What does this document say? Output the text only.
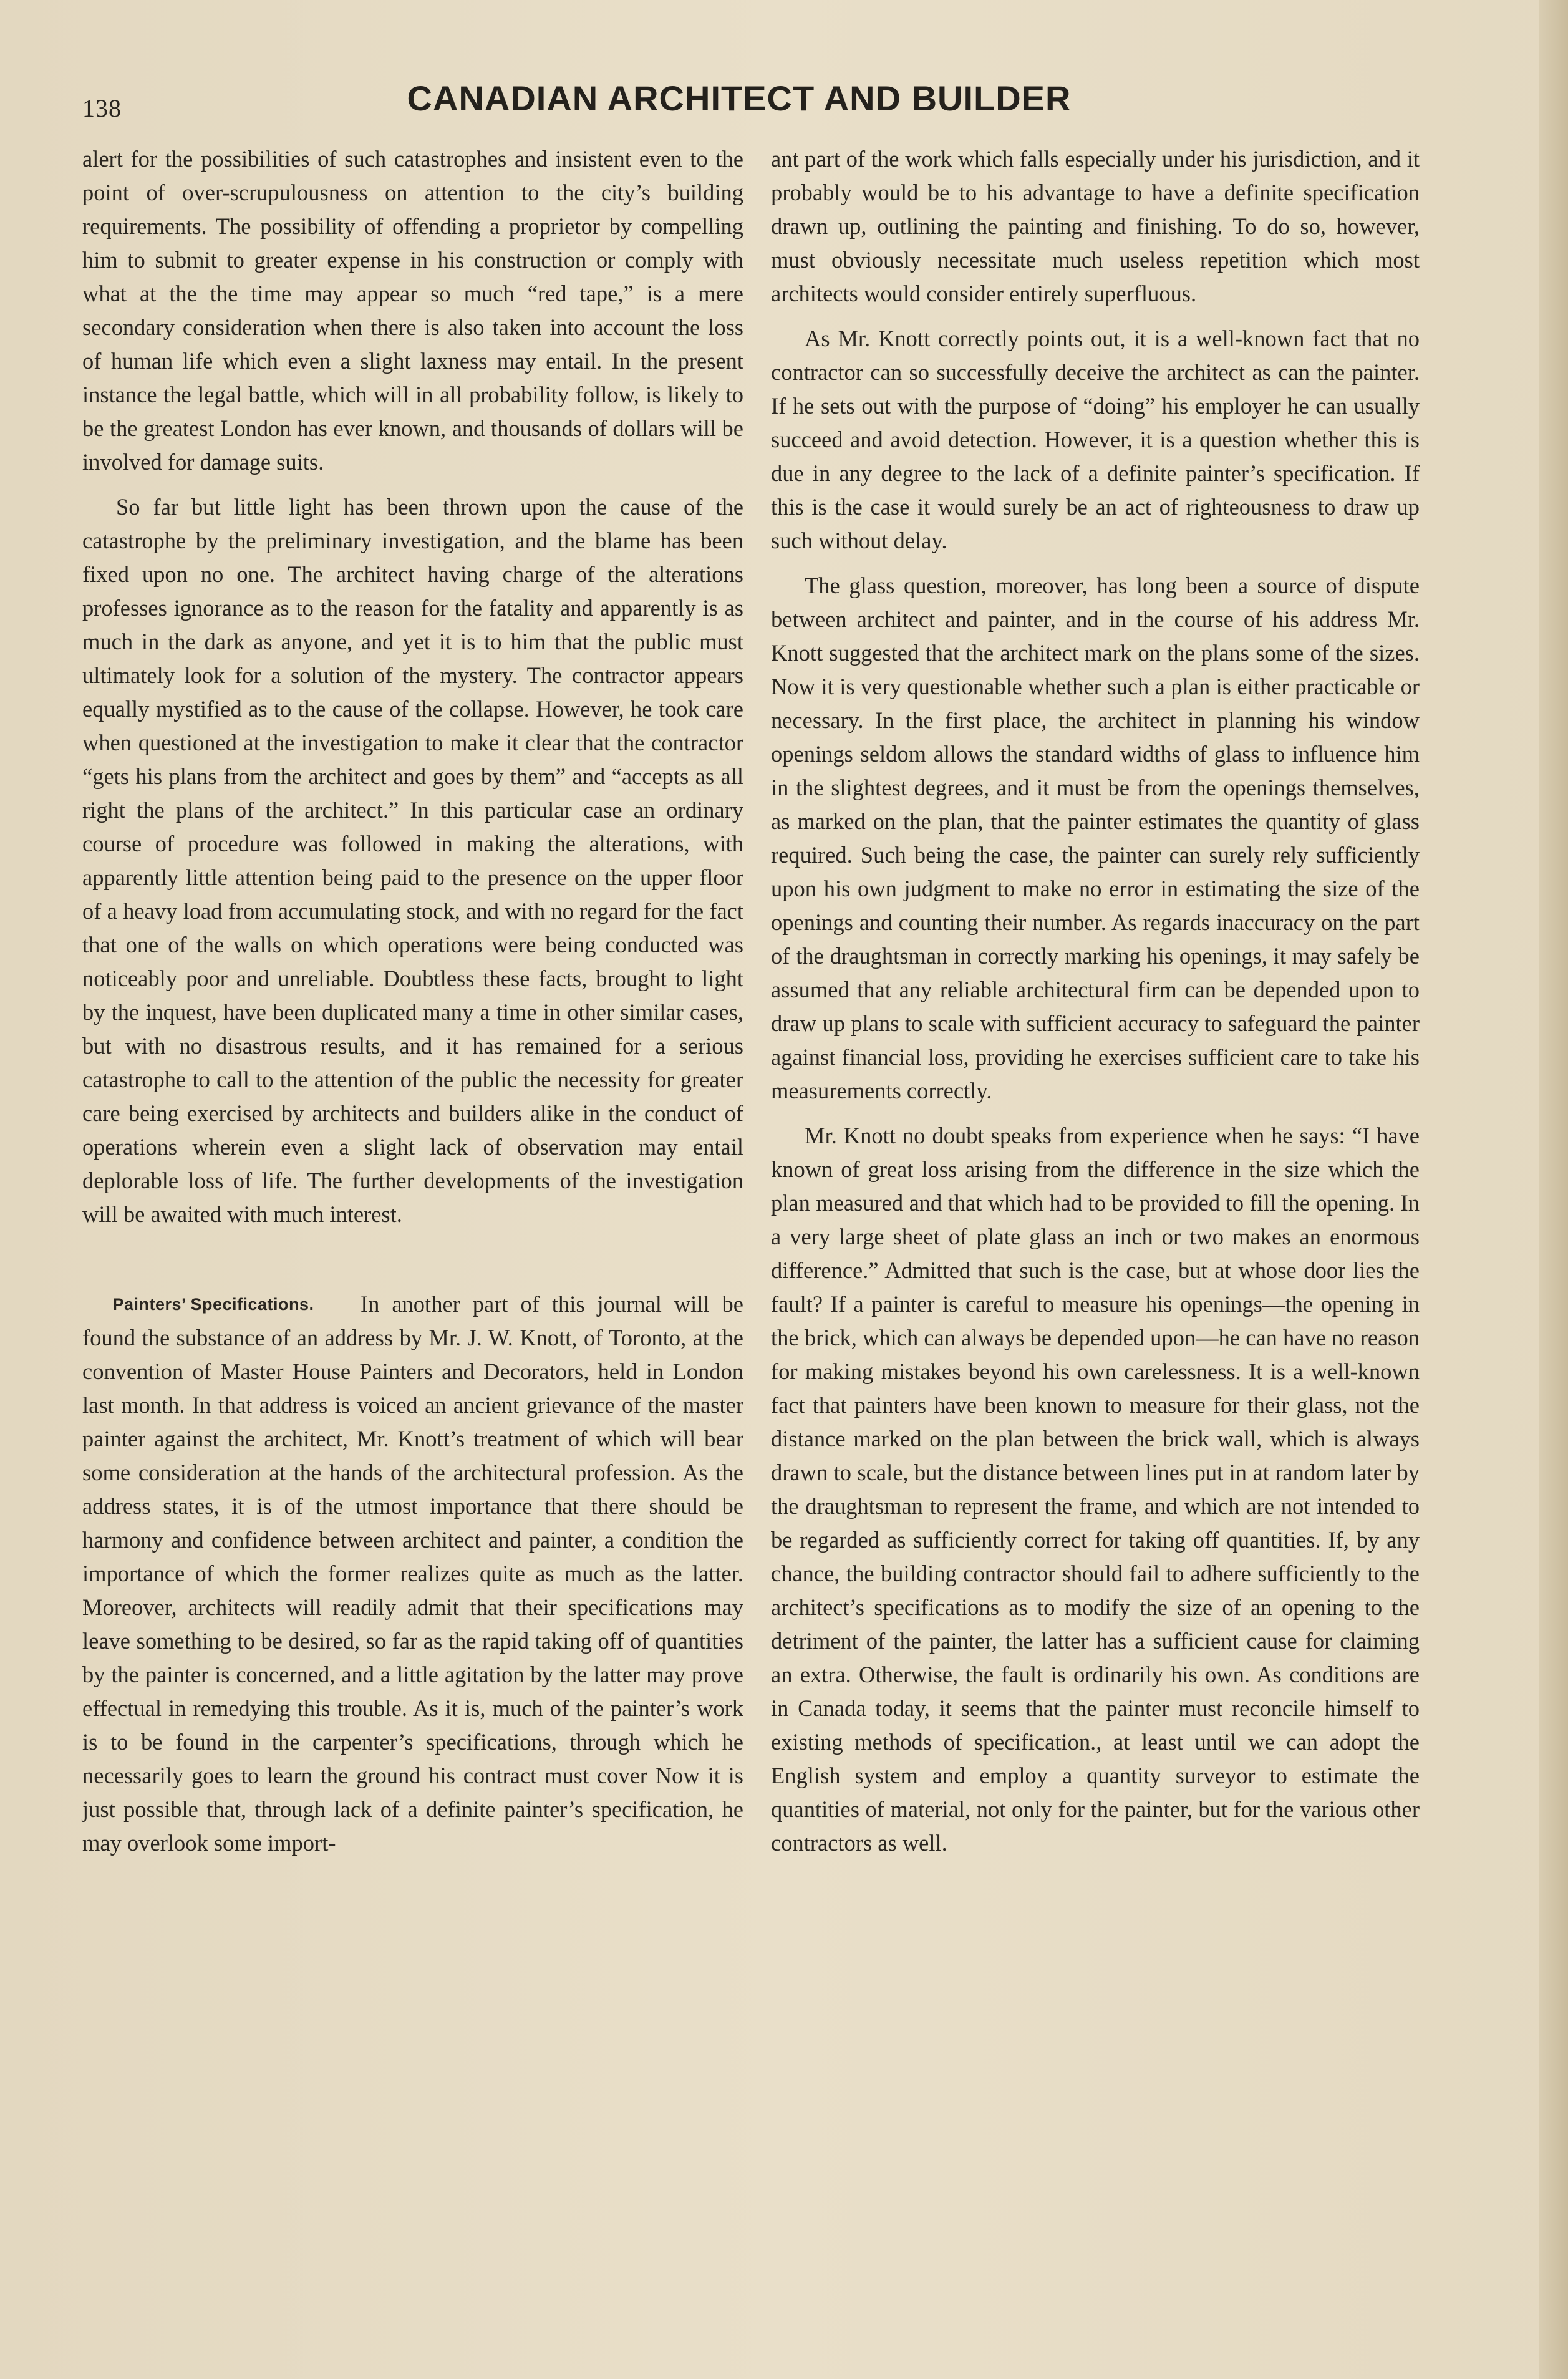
138	CANADIAN ARCHITECT AND BUILDER

alert for the possibilities of such catastrophes and insistent even to the point of over-scrupulousness on attention to the city’s building requirements. The possibility of offending a proprietor by compelling him to submit to greater expense in his construction or comply with what at the the time may appear so much “red tape,” is a mere secondary consideration when there is also taken into account the loss of human life which even a slight laxness may entail. In the present instance the legal battle, which will in all probability follow, is likely to be the greatest London has ever known, and thousands of dollars will be involved for damage suits.

So far but little light has been thrown upon the cause of the catastrophe by the preliminary investigation, and the blame has been fixed upon no one. The architect having charge of the alterations professes ignorance as to the reason for the fatality and apparently is as much in the dark as anyone, and yet it is to him that the public must ultimately look for a solution of the mystery. The contractor appears equally mystified as to the cause of the collapse. However, he took care when questioned at the investigation to make it clear that the contractor “gets his plans from the architect and goes by them” and “accepts as all right the plans of the architect.” In this particular case an ordinary course of procedure was followed in making the alterations, with apparently little attention being paid to the presence on the upper floor of a heavy load from accumulating stock, and with no regard for the fact that one of the walls on which operations were being conducted was noticeably poor and unreliable. Doubtless these facts, brought to light by the inquest, have been duplicated many a time in other similar cases, but with no disastrous results, and it has remained for a serious catastrophe to call to the attention of the public the necessity for greater care being exercised by architects and builders alike in the conduct of operations wherein even a slight lack of observation may entail deplorable loss of life. The further developments of the investigation will be awaited with much interest.

Painters’ Specifications.	In another part of this journal will be found the substance of an address by Mr. J. W. Knott, of Toronto, at the convention of Master House Painters and Decorators, held in London last month. In that address is voiced an ancient grievance of the master painter against the architect, Mr. Knott’s treatment of which will bear some consideration at the hands of the architectural profession. As the address states, it is of the utmost importance that there should be harmony and confidence between architect and painter, a condition the importance of which the former realizes quite as much as the latter. Moreover, architects will readily admit that their specifications may leave something to be desired, so far as the rapid taking off of quantities by the painter is concerned, and a little agitation by the latter may prove effectual in remedying this trouble. As it is, much of the painter’s work is to be found in the carpenter’s specifications, through which he necessarily goes to learn the ground his contract must cover Now it is just possible that, through lack of a definite painter’s specification, he may overlook some import-

ant part of the work which falls especially under his jurisdiction, and it probably would be to his advantage to have a definite specification drawn up, outlining the painting and finishing. To do so, however, must obviously necessitate much useless repetition which most architects would consider entirely superfluous.

As Mr. Knott correctly points out, it is a well-known fact that no contractor can so successfully deceive the architect as can the painter. If he sets out with the purpose of “doing” his employer he can usually succeed and avoid detection. However, it is a question whether this is due in any degree to the lack of a definite painter’s specification. If this is the case it would surely be an act of righteousness to draw up such without delay.

The glass question, moreover, has long been a source of dispute between architect and painter, and in the course of his address Mr. Knott suggested that the architect mark on the plans some of the sizes. Now it is very questionable whether such a plan is either practicable or necessary. In the first place, the architect in planning his window openings seldom allows the standard widths of glass to influence him in the slightest degrees, and it must be from the openings themselves, as marked on the plan, that the painter estimates the quantity of glass required. Such being the case, the painter can surely rely sufficiently upon his own judgment to make no error in estimating the size of the openings and counting their number. As regards inaccuracy on the part of the draughtsman in correctly marking his openings, it may safely be assumed that any reliable architectural firm can be depended upon to draw up plans to scale with sufficient accuracy to safeguard the painter against financial loss, providing he exercises sufficient care to take his measurements correctly.

Mr. Knott no doubt speaks from experience when he says: “I have known of great loss arising from the difference in the size which the plan measured and that which had to be provided to fill the opening. In a very large sheet of plate glass an inch or two makes an enormous difference.” Admitted that such is the case, but at whose door lies the fault? If a painter is careful to measure his openings—the opening in the brick, which can always be depended upon—he can have no reason for making mistakes beyond his own carelessness. It is a well-known fact that painters have been known to measure for their glass, not the distance marked on the plan between the brick wall, which is always drawn to scale, but the distance between lines put in at random later by the draughtsman to represent the frame, and which are not intended to be regarded as sufficiently correct for taking off quantities. If, by any chance, the building contractor should fail to adhere sufficiently to the architect’s specifications as to modify the size of an opening to the detriment of the painter, the latter has a sufficient cause for claiming an extra. Otherwise, the fault is ordinarily his own. As conditions are in Canada today, it seems that the painter must reconcile himself to existing methods of specification., at least until we can adopt the English system and employ a quantity surveyor to estimate the quantities of material, not only for the painter, but for the various other contractors as well.
